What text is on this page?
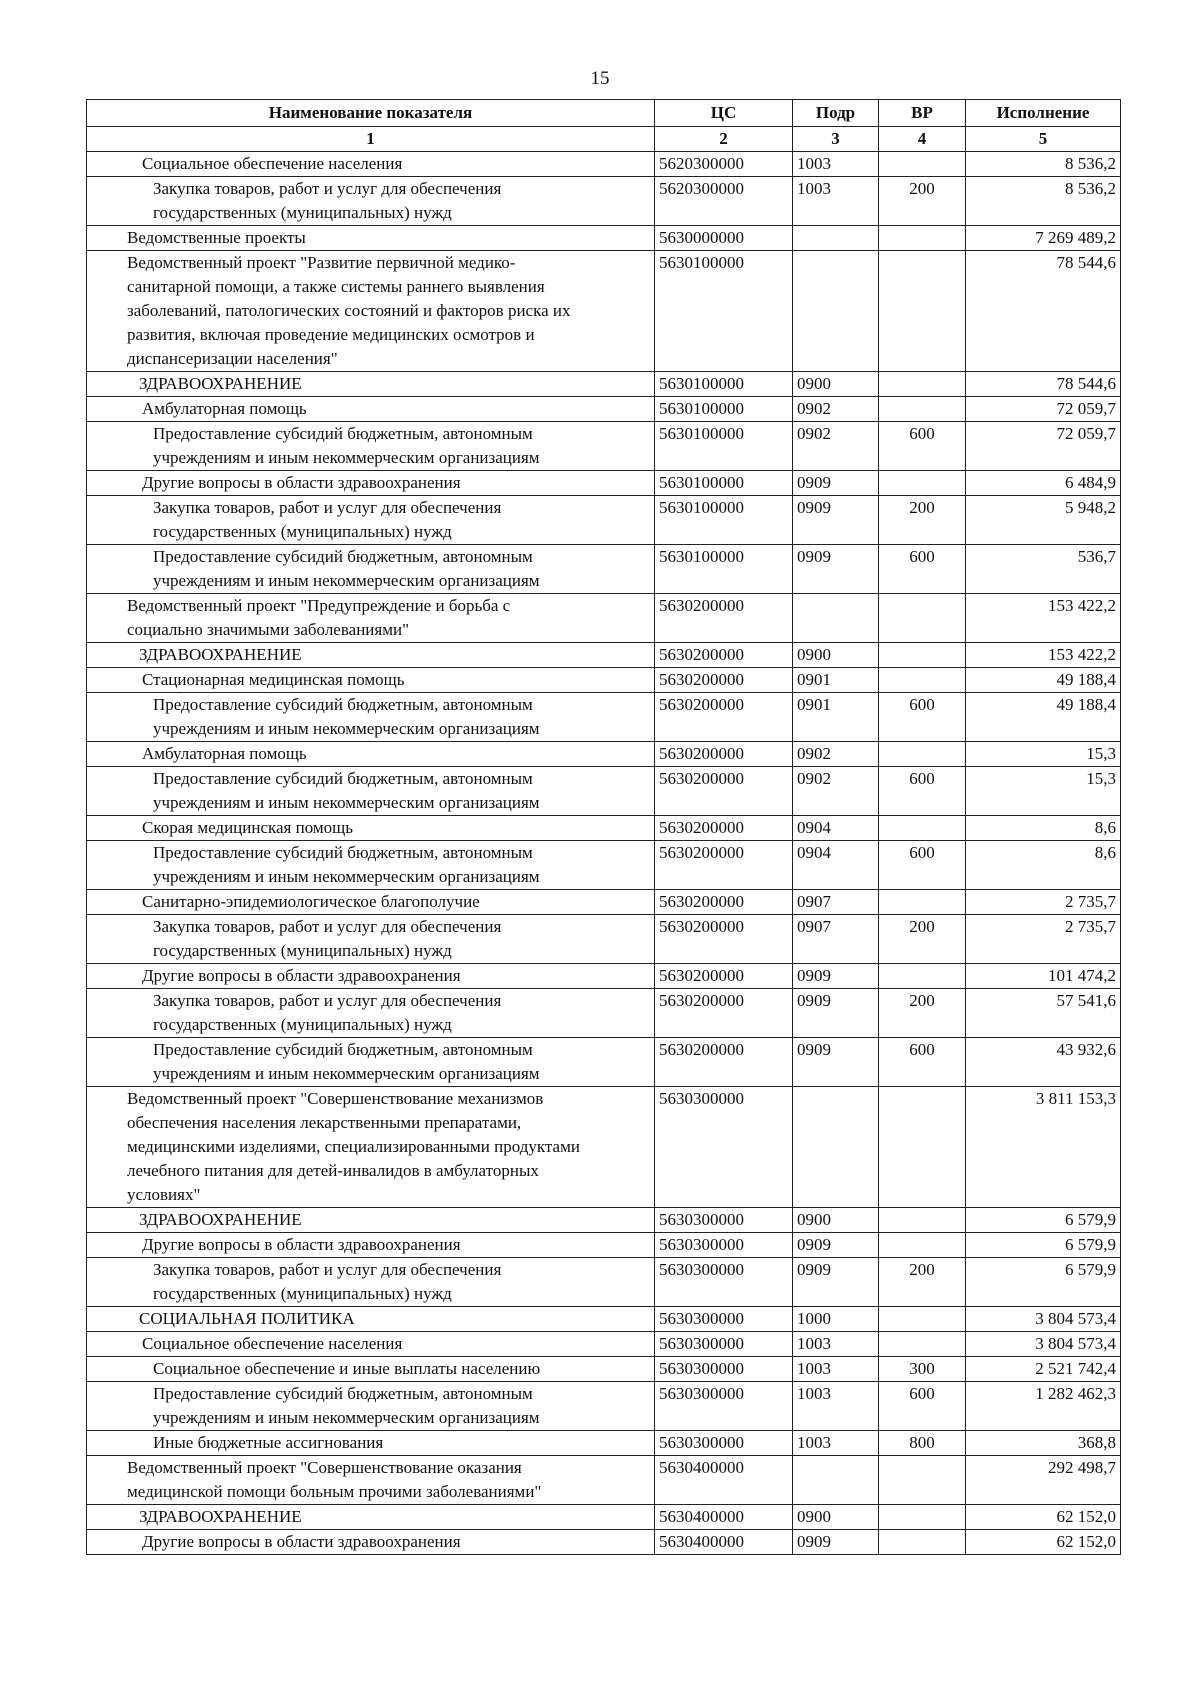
15
Наименование показателя	ЦС	Подр	ВР	Исполнение
1	2	3	4	5
Социальное обеспечение населения	5620300000	1003		8 536,2
Закупка товаров, работ и услуг для обеспечения
государственных (муниципальных) нужд	5620300000	1003	200	8 536,2
Ведомственные проекты	5630000000			7 269 489,2
Ведомственный проект "Развитие первичной медико-
санитарной помощи, а также системы раннего выявления
заболеваний, патологических состояний и факторов риска их
развития, включая проведение медицинских осмотров и
диспансеризации населения"	5630100000			78 544,6
ЗДРАВООХРАНЕНИЕ	5630100000	0900		78 544,6
Амбулаторная помощь	5630100000	0902		72 059,7
Предоставление субсидий бюджетным, автономным
учреждениям и иным некоммерческим организациям	5630100000	0902	600	72 059,7
Другие вопросы в области здравоохранения	5630100000	0909		6 484,9
Закупка товаров, работ и услуг для обеспечения
государственных (муниципальных) нужд	5630100000	0909	200	5 948,2
Предоставление субсидий бюджетным, автономным
учреждениям и иным некоммерческим организациям	5630100000	0909	600	536,7
Ведомственный проект "Предупреждение и борьба с
социально значимыми заболеваниями"	5630200000			153 422,2
ЗДРАВООХРАНЕНИЕ	5630200000	0900		153 422,2
Стационарная медицинская помощь	5630200000	0901		49 188,4
Предоставление субсидий бюджетным, автономным
учреждениям и иным некоммерческим организациям	5630200000	0901	600	49 188,4
Амбулаторная помощь	5630200000	0902		15,3
Предоставление субсидий бюджетным, автономным
учреждениям и иным некоммерческим организациям	5630200000	0902	600	15,3
Скорая медицинская помощь	5630200000	0904		8,6
Предоставление субсидий бюджетным, автономным
учреждениям и иным некоммерческим организациям	5630200000	0904	600	8,6
Санитарно-эпидемиологическое благополучие	5630200000	0907		2 735,7
Закупка товаров, работ и услуг для обеспечения
государственных (муниципальных) нужд	5630200000	0907	200	2 735,7
Другие вопросы в области здравоохранения	5630200000	0909		101 474,2
Закупка товаров, работ и услуг для обеспечения
государственных (муниципальных) нужд	5630200000	0909	200	57 541,6
Предоставление субсидий бюджетным, автономным
учреждениям и иным некоммерческим организациям	5630200000	0909	600	43 932,6
Ведомственный проект "Совершенствование механизмов
обеспечения населения лекарственными препаратами,
медицинскими изделиями, специализированными продуктами
лечебного питания для детей-инвалидов в амбулаторных
условиях"	5630300000			3 811 153,3
ЗДРАВООХРАНЕНИЕ	5630300000	0900		6 579,9
Другие вопросы в области здравоохранения	5630300000	0909		6 579,9
Закупка товаров, работ и услуг для обеспечения
государственных (муниципальных) нужд	5630300000	0909	200	6 579,9
СОЦИАЛЬНАЯ ПОЛИТИКА	5630300000	1000		3 804 573,4
Социальное обеспечение населения	5630300000	1003		3 804 573,4
Социальное обеспечение и иные выплаты населению	5630300000	1003	300	2 521 742,4
Предоставление субсидий бюджетным, автономным
учреждениям и иным некоммерческим организациям	5630300000	1003	600	1 282 462,3
Иные бюджетные ассигнования	5630300000	1003	800	368,8
Ведомственный проект "Совершенствование оказания
медицинской помощи больным прочими заболеваниями"	5630400000			292 498,7
ЗДРАВООХРАНЕНИЕ	5630400000	0900		62 152,0
Другие вопросы в области здравоохранения	5630400000	0909		62 152,0
